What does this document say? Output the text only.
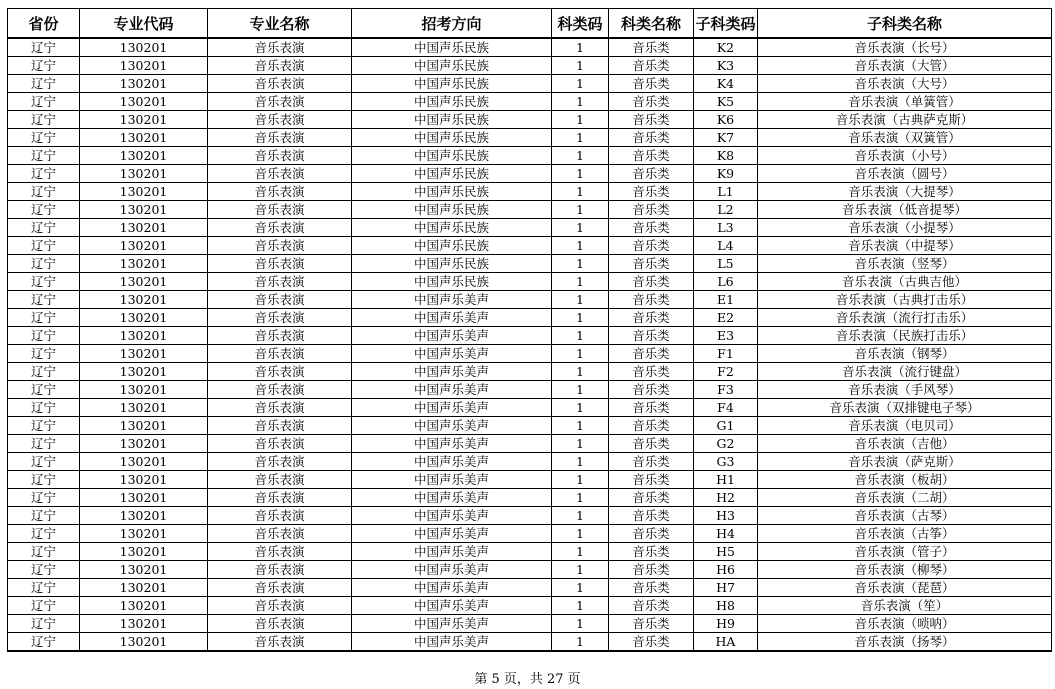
省份	专业代码	专业名称	招考方向	科类码	科类名称	子科类码	子科类名称
辽宁	130201	音乐表演	中国声乐民族	1	音乐类	K2	音乐表演（长号）
辽宁	130201	音乐表演	中国声乐民族	1	音乐类	K3	音乐表演（大管）
辽宁	130201	音乐表演	中国声乐民族	1	音乐类	K4	音乐表演（大号）
辽宁	130201	音乐表演	中国声乐民族	1	音乐类	K5	音乐表演（单簧管）
辽宁	130201	音乐表演	中国声乐民族	1	音乐类	K6	音乐表演（古典萨克斯）
辽宁	130201	音乐表演	中国声乐民族	1	音乐类	K7	音乐表演（双簧管）
辽宁	130201	音乐表演	中国声乐民族	1	音乐类	K8	音乐表演（小号）
辽宁	130201	音乐表演	中国声乐民族	1	音乐类	K9	音乐表演（圆号）
辽宁	130201	音乐表演	中国声乐民族	1	音乐类	L1	音乐表演（大提琴）
辽宁	130201	音乐表演	中国声乐民族	1	音乐类	L2	音乐表演（低音提琴）
辽宁	130201	音乐表演	中国声乐民族	1	音乐类	L3	音乐表演（小提琴）
辽宁	130201	音乐表演	中国声乐民族	1	音乐类	L4	音乐表演（中提琴）
辽宁	130201	音乐表演	中国声乐民族	1	音乐类	L5	音乐表演（竖琴）
辽宁	130201	音乐表演	中国声乐民族	1	音乐类	L6	音乐表演（古典吉他）
辽宁	130201	音乐表演	中国声乐美声	1	音乐类	E1	音乐表演（古典打击乐）
辽宁	130201	音乐表演	中国声乐美声	1	音乐类	E2	音乐表演（流行打击乐）
辽宁	130201	音乐表演	中国声乐美声	1	音乐类	E3	音乐表演（民族打击乐）
辽宁	130201	音乐表演	中国声乐美声	1	音乐类	F1	音乐表演（钢琴）
辽宁	130201	音乐表演	中国声乐美声	1	音乐类	F2	音乐表演（流行键盘）
辽宁	130201	音乐表演	中国声乐美声	1	音乐类	F3	音乐表演（手风琴）
辽宁	130201	音乐表演	中国声乐美声	1	音乐类	F4	音乐表演（双排键电子琴）
辽宁	130201	音乐表演	中国声乐美声	1	音乐类	G1	音乐表演（电贝司）
辽宁	130201	音乐表演	中国声乐美声	1	音乐类	G2	音乐表演（吉他）
辽宁	130201	音乐表演	中国声乐美声	1	音乐类	G3	音乐表演（萨克斯）
辽宁	130201	音乐表演	中国声乐美声	1	音乐类	H1	音乐表演（板胡）
辽宁	130201	音乐表演	中国声乐美声	1	音乐类	H2	音乐表演（二胡）
辽宁	130201	音乐表演	中国声乐美声	1	音乐类	H3	音乐表演（古琴）
辽宁	130201	音乐表演	中国声乐美声	1	音乐类	H4	音乐表演（古筝）
辽宁	130201	音乐表演	中国声乐美声	1	音乐类	H5	音乐表演（管子）
辽宁	130201	音乐表演	中国声乐美声	1	音乐类	H6	音乐表演（柳琴）
辽宁	130201	音乐表演	中国声乐美声	1	音乐类	H7	音乐表演（琵琶）
辽宁	130201	音乐表演	中国声乐美声	1	音乐类	H8	音乐表演（笙）
辽宁	130201	音乐表演	中国声乐美声	1	音乐类	H9	音乐表演（唢呐）
辽宁	130201	音乐表演	中国声乐美声	1	音乐类	HA	音乐表演（扬琴）
第 5 页，共 27 页
